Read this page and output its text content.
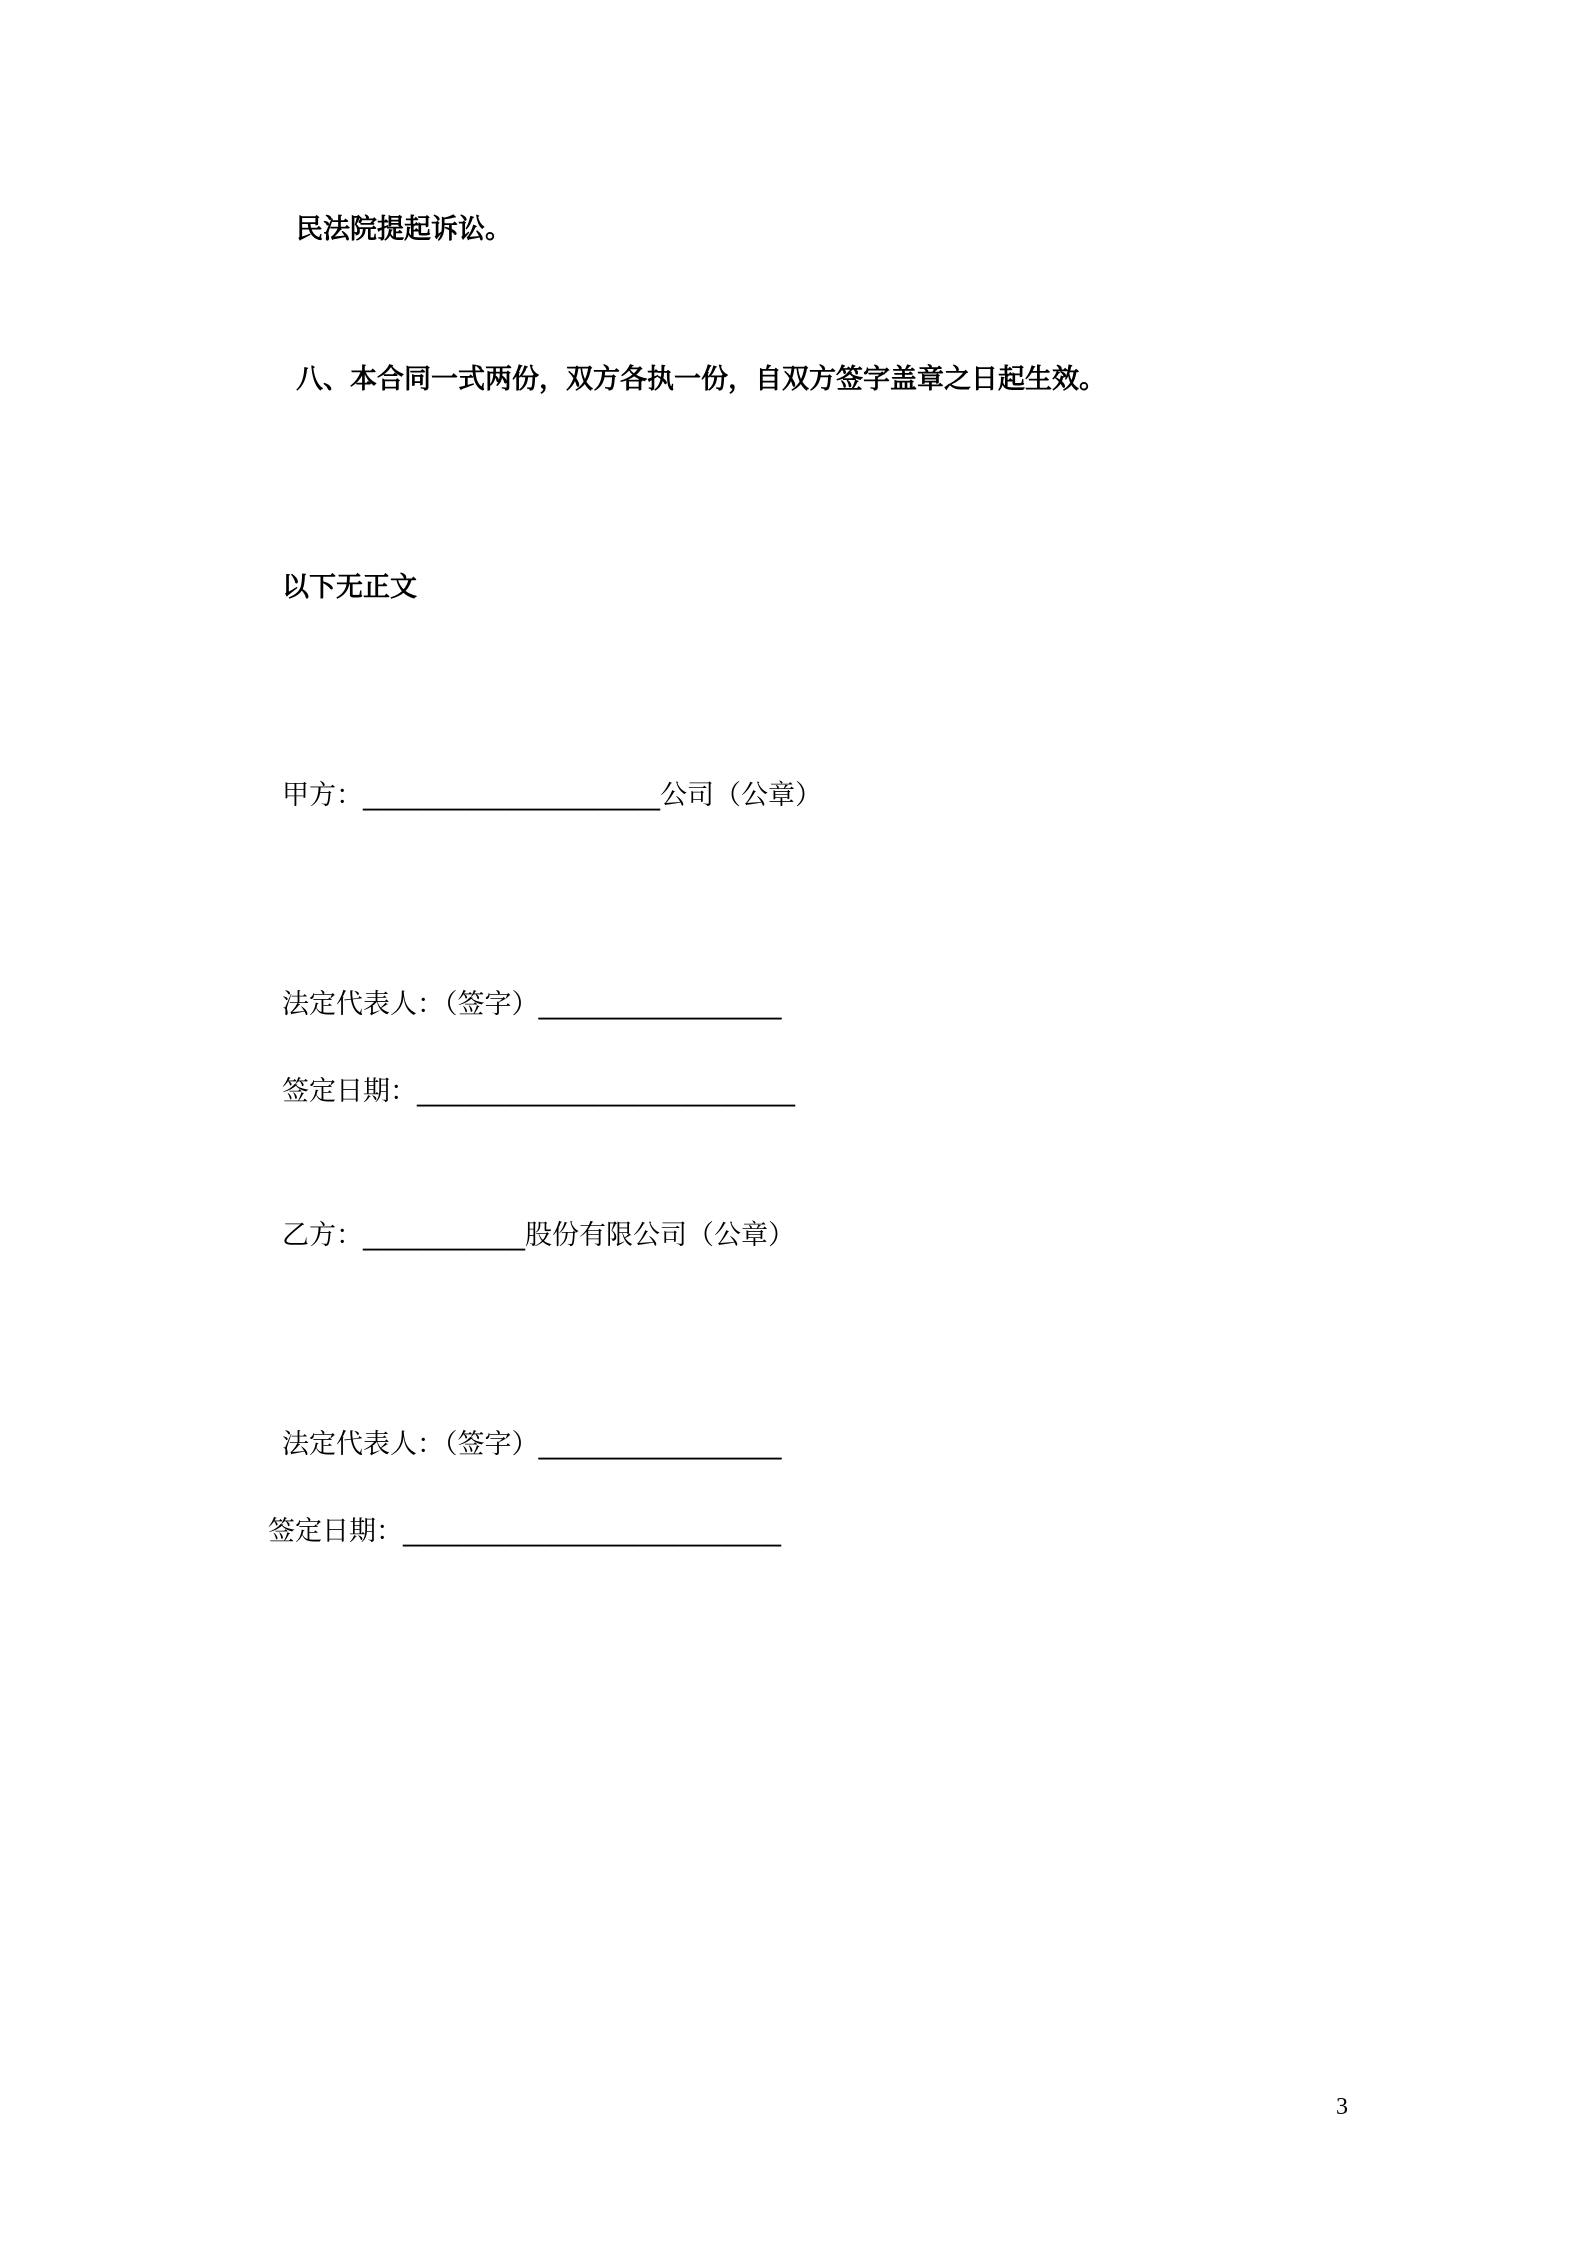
民法院提起诉讼。
八、本合同一式两份，双方各执一份，自双方签字盖章之日起生效。
以下无正文
甲方：______________________公司（公章）
法定代表人：（签字）__________________
签定日期：____________________________
乙方：____________股份有限公司（公章）
法定代表人：（签字）__________________
签定日期：____________________________
3
